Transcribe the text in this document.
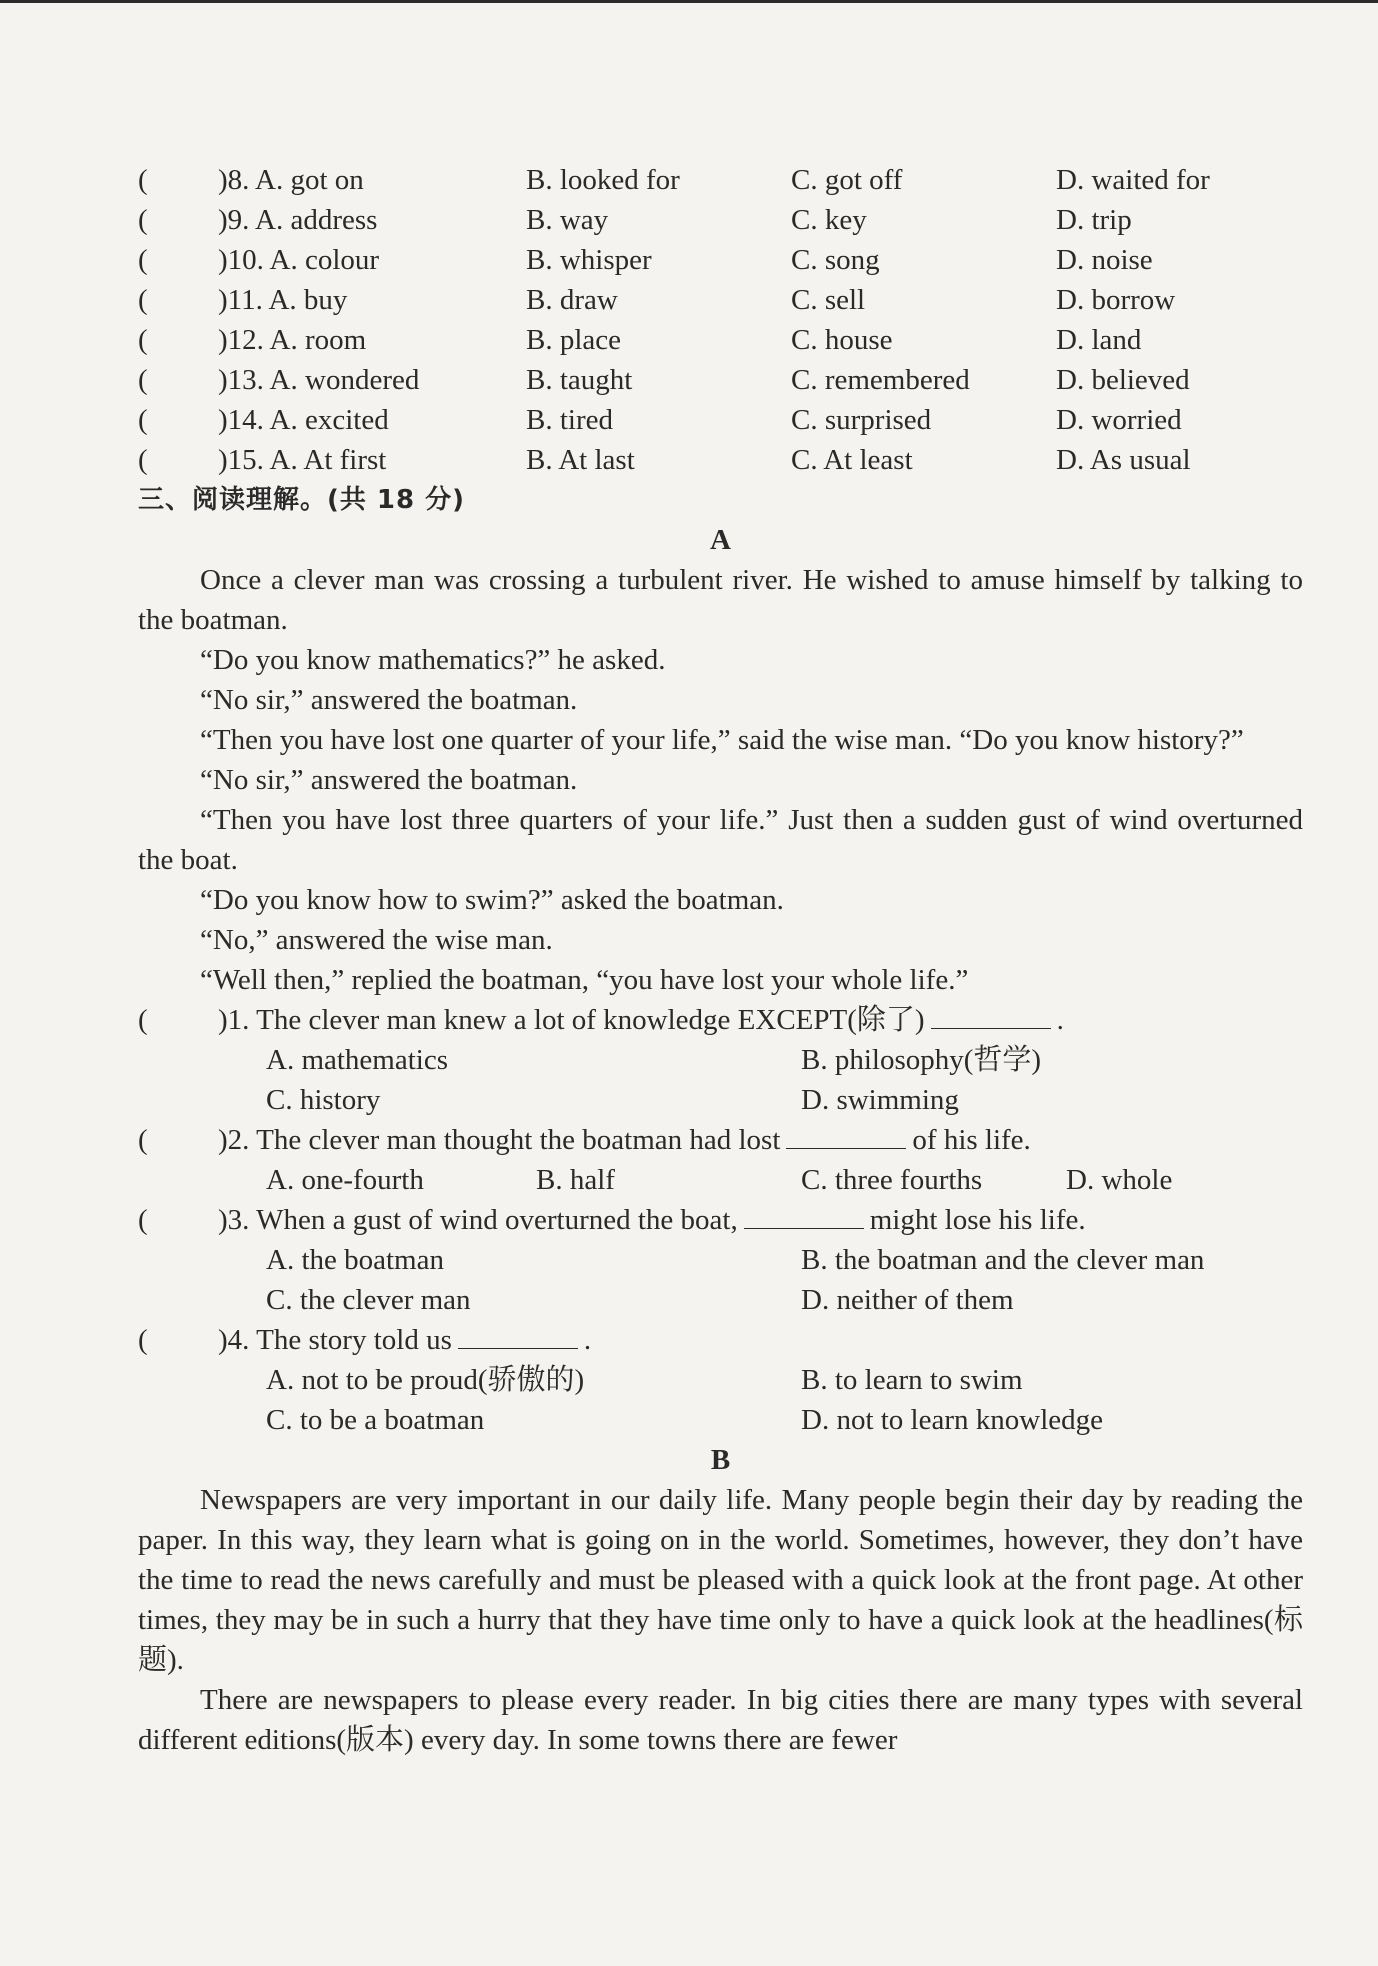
(	)8. A. got on	B. looked for	C. got off	D. waited for
(	)9. A. address	B. way	C. key	D. trip
(	)10. A. colour	B. whisper	C. song	D. noise
(	)11. A. buy	B. draw	C. sell	D. borrow
(	)12. A. room	B. place	C. house	D. land
(	)13. A. wondered	B. taught	C. remembered	D. believed
(	)14. A. excited	B. tired	C. surprised	D. worried
(	)15. A. At first	B. At last	C. At least	D. As usual
三、阅读理解。(共 18 分)
A

Once a clever man was crossing a turbulent river. He wished to amuse himself by talking to the boatman.

“Do you know mathematics?” he asked.

“No sir,” answered the boatman.

“Then you have lost one quarter of your life,” said the wise man. “Do you know history?”

“No sir,” answered the boatman.

“Then you have lost three quarters of your life.” Just then a sudden gust of wind overturned the boat.

“Do you know how to swim?” asked the boatman.

“No,” answered the wise man.

“Well then,” replied the boatman, “you have lost your whole life.”

(	)1. The clever man knew a lot of knowledge EXCEPT(除了)	.
A. mathematics	B. philosophy(哲学)
C. history	D. swimming
(	)2. The clever man thought the boatman had lost	of his life.
A. one-fourth	B. half	C. three fourths	D. whole
(	)3. When a gust of wind overturned the boat,	might lose his life.
A. the boatman	B. the boatman and the clever man
C. the clever man	D. neither of them
(	)4. The story told us	.
A. not to be proud(骄傲的)	B. to learn to swim
C. to be a boatman	D. not to learn knowledge
B

Newspapers are very important in our daily life. Many people begin their day by reading the paper. In this way, they learn what is going on in the world. Sometimes, however, they don’t have the time to read the news carefully and must be pleased with a quick look at the front page. At other times, they may be in such a hurry that they have time only to have a quick look at the headlines(标题).

There are newspapers to please every reader. In big cities there are many types with several different editions(版本) every day. In some towns there are fewer
